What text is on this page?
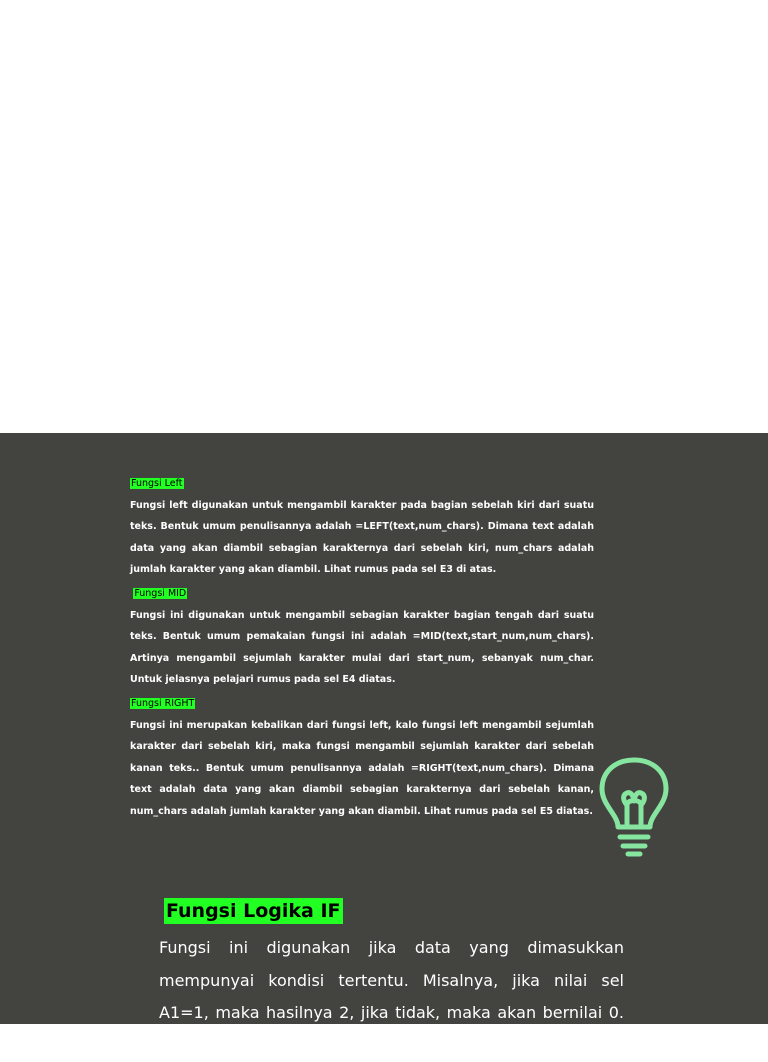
Fungsi Left

Fungsi left digunakan untuk mengambil karakter pada bagian sebelah kiri dari suatu teks. Bentuk umum penulisannya adalah =LEFT(text,num_chars). Dimana text adalah data yang akan diambil sebagian karakternya dari sebelah kiri, num_chars adalah jumlah karakter yang akan diambil. Lihat rumus pada sel E3 di atas.

Fungsi MID

Fungsi ini digunakan untuk mengambil sebagian karakter bagian tengah dari suatu teks. Bentuk umum pemakaian fungsi ini adalah =MID(text,start_num,num_chars). Artinya mengambil sejumlah karakter mulai dari start_num, sebanyak num_char. Untuk jelasnya pelajari rumus pada sel E4 diatas.

Fungsi RIGHT

Fungsi ini merupakan kebalikan dari fungsi left, kalo fungsi left mengambil sejumlah karakter dari sebelah kiri, maka fungsi mengambil sejumlah karakter dari sebelah kanan teks.. Bentuk umum penulisannya adalah =RIGHT(text,num_chars). Dimana text adalah data yang akan diambil sebagian karakternya dari sebelah kanan, num_chars adalah jumlah karakter yang akan diambil. Lihat rumus pada sel E5 diatas.

Fungsi Logika IF

Fungsi ini digunakan jika data yang dimasukkan mempunyai kondisi tertentu. Misalnya, jika nilai sel A1=1, maka hasilnya 2, jika tidak, maka akan bernilai 0. Biasanya fungsi ini dibantu oleh
